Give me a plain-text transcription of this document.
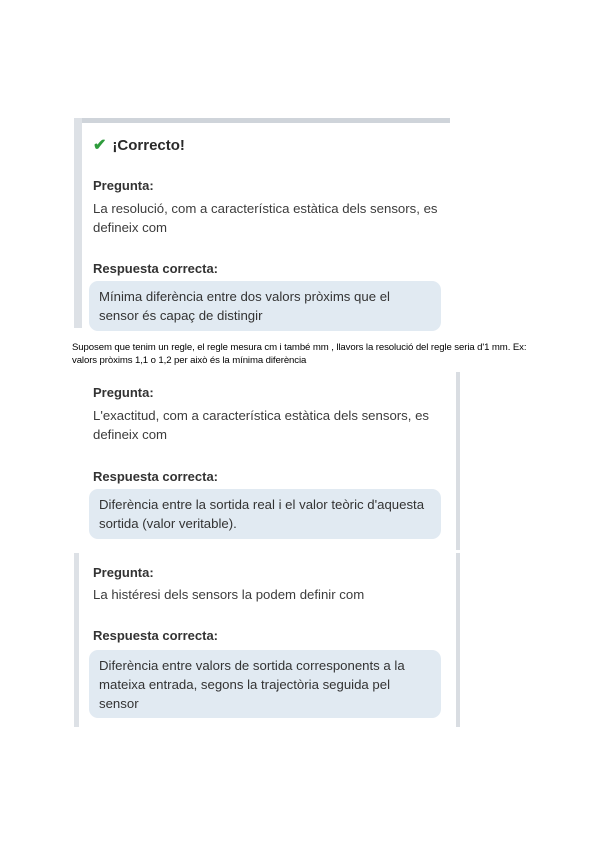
✔ ¡Correcto!
Pregunta:
La resolució, com a característica estàtica dels sensors, es defineix com
Respuesta correcta:
Mínima diferència entre dos valors pròxims que el sensor és capaç de distingir
Suposem que tenim un regle, el regle mesura cm i també mm , llavors la resolució del regle seria d'1 mm. Ex: valors pròxims 1,1 o 1,2 per això és la mínima diferència
Pregunta:
L'exactitud, com a característica estàtica dels sensors, es defineix com
Respuesta correcta:
Diferència entre la sortida real i el valor teòric d'aquesta sortida (valor veritable).
Pregunta:
La histéresi dels sensors la podem definir com
Respuesta correcta:
Diferència entre valors de sortida corresponents a la mateixa entrada, segons la trajectòria seguida pel sensor
